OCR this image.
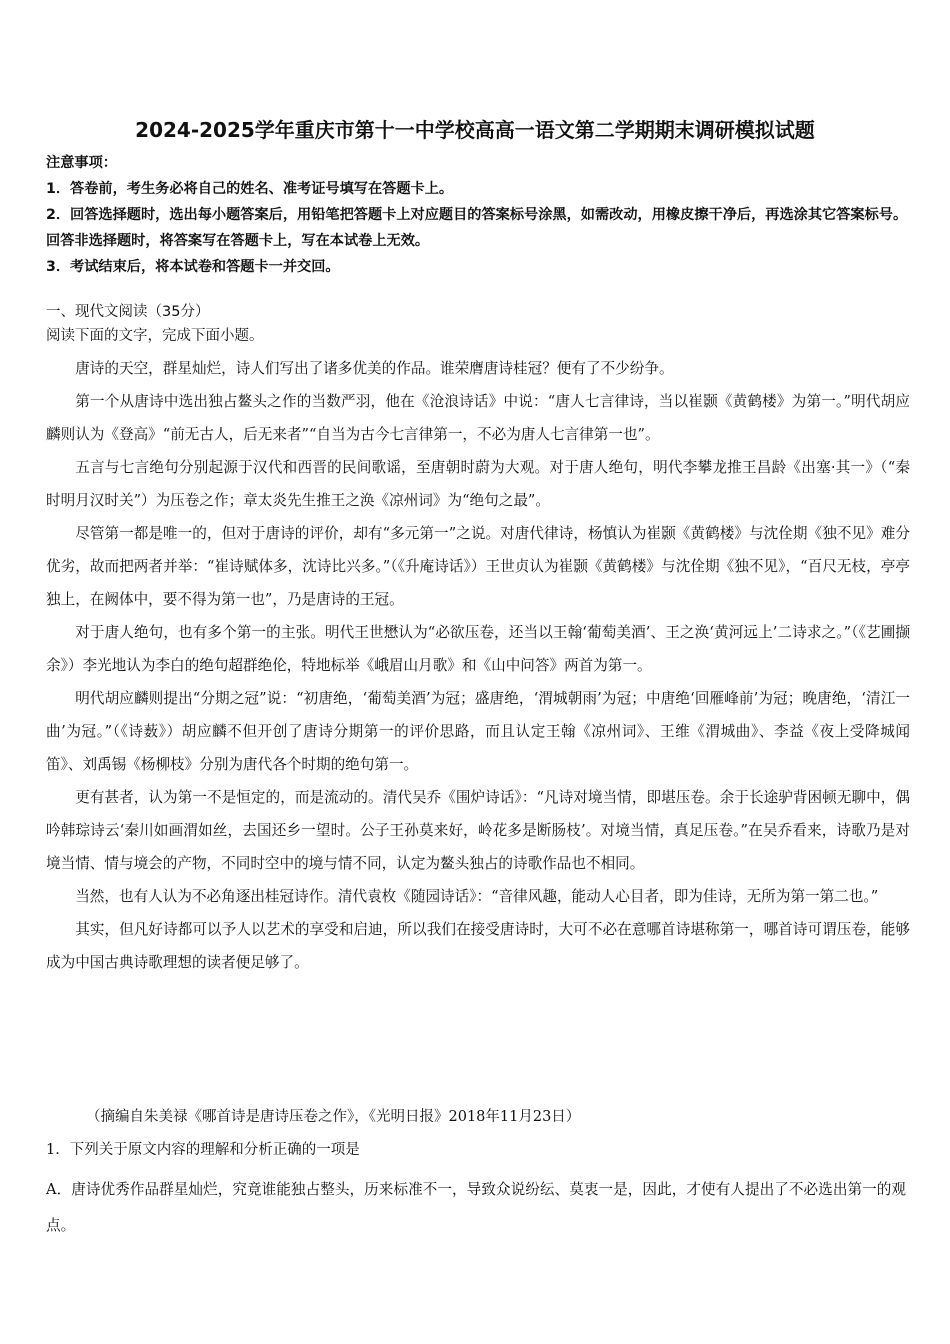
2024-2025学年重庆市第十一中学校高高一语文第二学期期末调研模拟试题

注意事项：

1．答卷前，考生务必将自己的姓名、准考证号填写在答题卡上。

2．回答选择题时，选出每小题答案后，用铅笔把答题卡上对应题目的答案标号涂黑，如需改动，用橡皮擦干净后，再选涂其它答案标号。回答非选择题时，将答案写在答题卡上，写在本试卷上无效。

3．考试结束后，将本试卷和答题卡一并交回。

一、现代文阅读（35分）
阅读下面的文字，完成下面小题。

唐诗的天空，群星灿烂，诗人们写出了诸多优美的作品。谁荣膺唐诗桂冠？便有了不少纷争。

第一个从唐诗中选出独占鳌头之作的当数严羽，他在《沧浪诗话》中说：“唐人七言律诗，当以崔颢《黄鹤楼》为第一。”明代胡应麟则认为《登高》“前无古人，后无来者”“自当为古今七言律第一，不必为唐人七言律第一也”。

五言与七言绝句分别起源于汉代和西晋的民间歌谣，至唐朝时蔚为大观。对于唐人绝句，明代李攀龙推王昌龄《出塞·其一》（“秦时明月汉时关”）为压卷之作；章太炎先生推王之涣《凉州词》为“绝句之最”。

尽管第一都是唯一的，但对于唐诗的评价，却有“多元第一”之说。对唐代律诗，杨慎认为崔颢《黄鹤楼》与沈佺期《独不见》难分优劣，故而把两者并举：“崔诗赋体多，沈诗比兴多。”（《升庵诗话》）王世贞认为崔颢《黄鹤楼》与沈佺期《独不见》，“百尺无枝，亭亭独上，在阙体中，要不得为第一也”，乃是唐诗的王冠。

对于唐人绝句，也有多个第一的主张。明代王世懋认为“必欲压卷，还当以王翰‘葡萄美酒’、王之涣‘黄河远上’二诗求之。”（《艺圃撷余》）李光地认为李白的绝句超群绝伦，特地标举《峨眉山月歌》和《山中问答》两首为第一。

明代胡应麟则提出“分期之冠”说：“初唐绝，‘葡萄美酒’为冠；盛唐绝，‘渭城朝雨’为冠；中唐绝‘回雁峰前’为冠；晚唐绝，‘清江一曲’为冠。”（《诗薮》）胡应麟不但开创了唐诗分期第一的评价思路，而且认定王翰《凉州词》、王维《渭城曲》、李益《夜上受降城闻笛》、刘禹锡《杨柳枝》分别为唐代各个时期的绝句第一。

更有甚者，认为第一不是恒定的，而是流动的。清代吴乔《围炉诗话》：“凡诗对境当情，即堪压卷。余于长途驴背困顿无聊中，偶吟韩琮诗云‘秦川如画渭如丝，去国还乡一望时。公子王孙莫来好，岭花多是断肠枝’。对境当情，真足压卷。”在吴乔看来，诗歌乃是对境当情、情与境会的产物，不同时空中的境与情不同，认定为鳌头独占的诗歌作品也不相同。

当然，也有人认为不必角逐出桂冠诗作。清代袁枚《随园诗话》：“音律风趣，能动人心目者，即为佳诗，无所为第一第二也。”

其实，但凡好诗都可以予人以艺术的享受和启迪，所以我们在接受唐诗时，大可不必在意哪首诗堪称第一，哪首诗可谓压卷，能够成为中国古典诗歌理想的读者便足够了。

（摘编自朱美禄《哪首诗是唐诗压卷之作》，《光明日报》2018年11月23日）
1．下列关于原文内容的理解和分析正确的一项是

A．唐诗优秀作品群星灿烂，究竟谁能独占整头，历来标准不一，导致众说纷纭、莫衷一是，因此，才使有人提出了不必选出第一的观点。
